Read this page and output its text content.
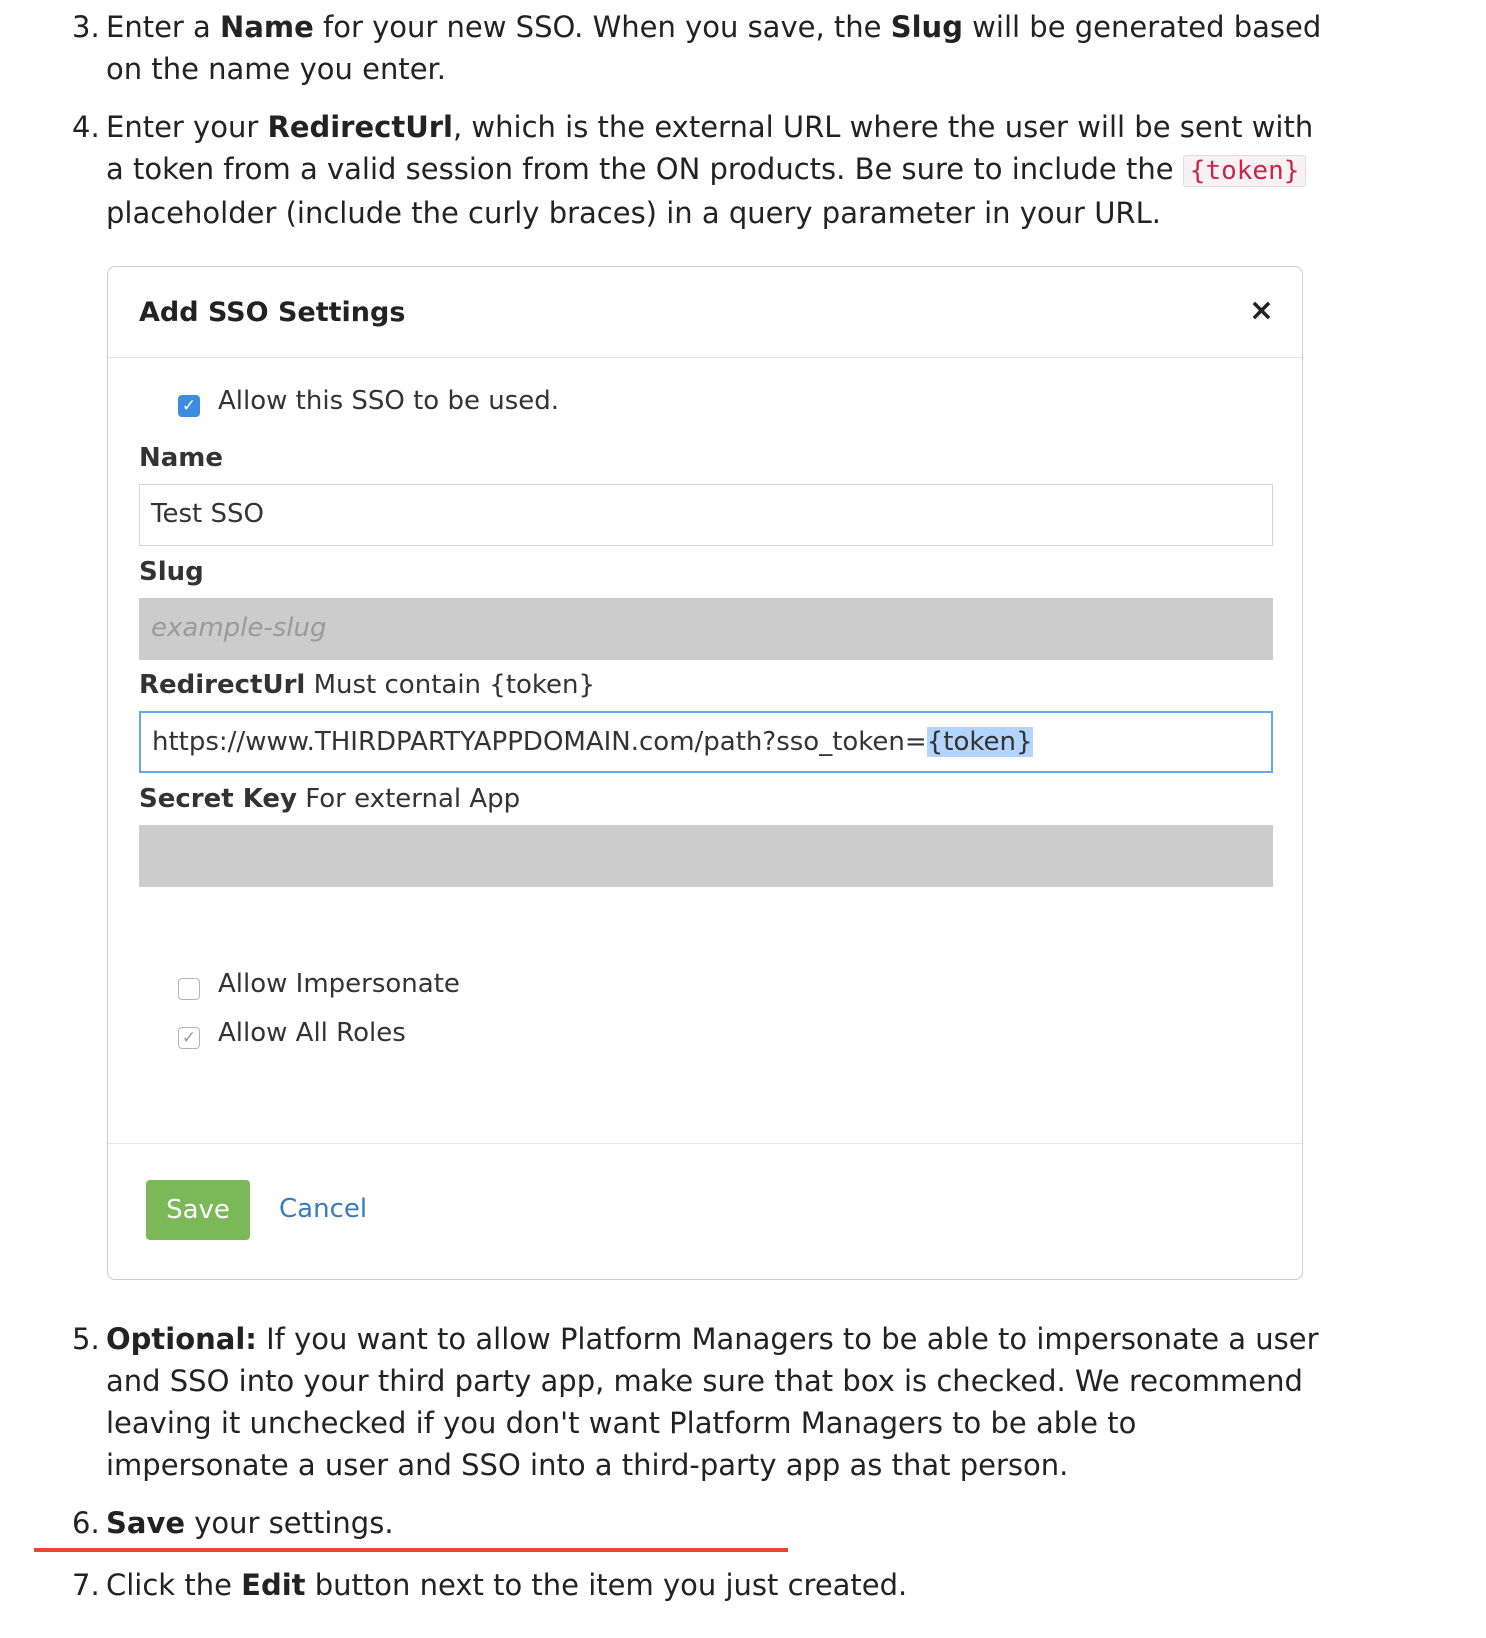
3. Enter a Name for your new SSO. When you save, the Slug will be generated based on the name you enter.
4. Enter your RedirectUrl, which is the external URL where the user will be sent with a token from a valid session from the ON products. Be sure to include the {token} placeholder (include the curly braces) in a query parameter in your URL.
Add SSO Settings	×
✓ Allow this SSO to be used.
Name
Test SSO
Slug
example-slug
RedirectUrl Must contain {token}
https://www.THIRDPARTYAPPDOMAIN.com/path?sso_token={token}
Secret Key For external App
Allow Impersonate
✓ Allow All Roles
Save	Cancel
5. Optional: If you want to allow Platform Managers to be able to impersonate a user and SSO into your third party app, make sure that box is checked. We recommend leaving it unchecked if you don't want Platform Managers to be able to impersonate a user and SSO into a third-party app as that person.
6. Save your settings.
7. Click the Edit button next to the item you just created.
